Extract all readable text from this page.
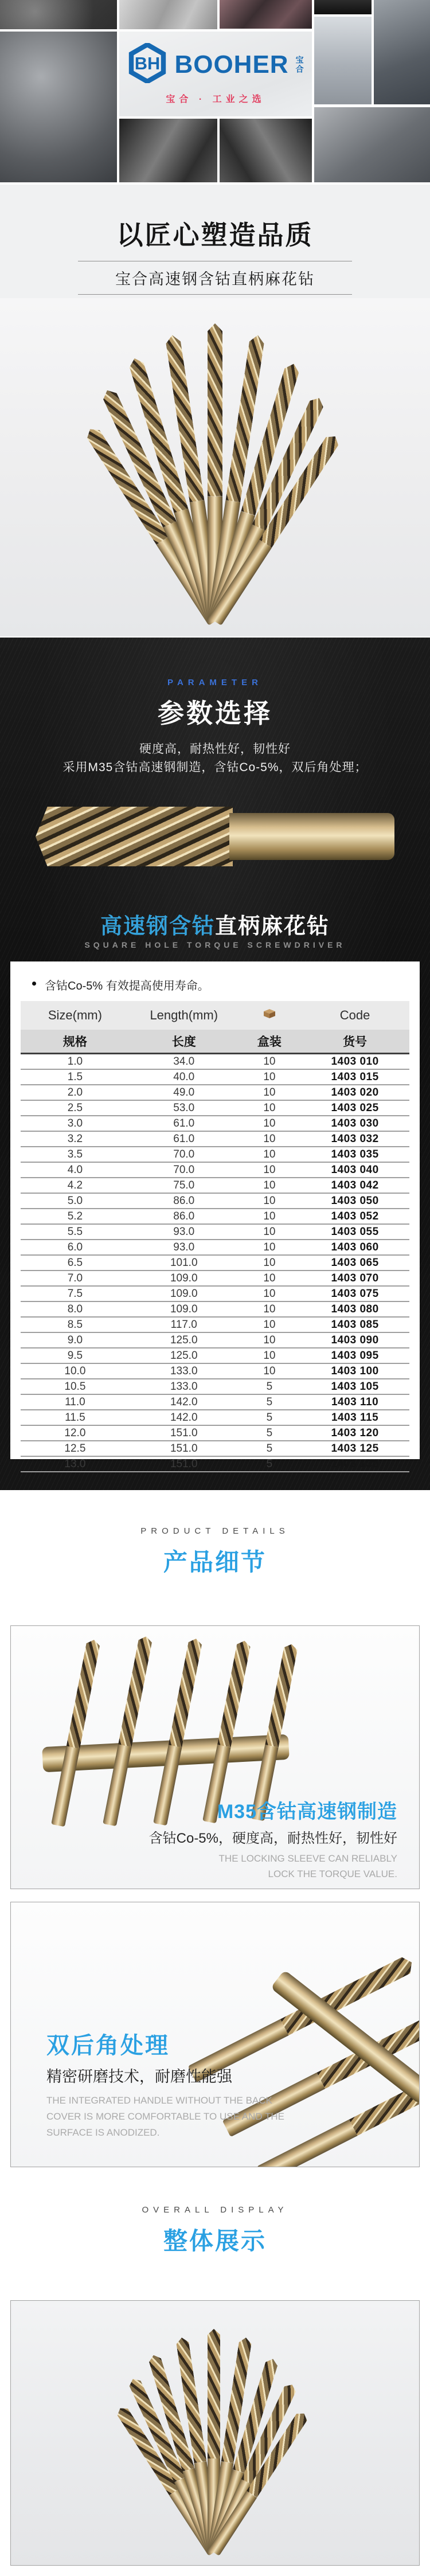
BH BOOHER 宝合
宝合 · 工业之选
以匠心塑造品质
宝合高速钢含钴直柄麻花钻
PARAMETER
参数选择
硬度高，耐热性好，韧性好
采用M35含钴高速钢制造，含钴Co-5%，双后角处理；
高速钢含钴直柄麻花钻
SQUARE HOLE TORQUE SCREWDRIVER
含钴Co-5% 有效提高使用寿命。
Size(mm)	Length(mm)		Code
规格	长度	盒装	货号
1.0	34.0	10	1403 010
1.5	40.0	10	1403 015
2.0	49.0	10	1403 020
2.5	53.0	10	1403 025
3.0	61.0	10	1403 030
3.2	61.0	10	1403 032
3.5	70.0	10	1403 035
4.0	70.0	10	1403 040
4.2	75.0	10	1403 042
5.0	86.0	10	1403 050
5.2	86.0	10	1403 052
5.5	93.0	10	1403 055
6.0	93.0	10	1403 060
6.5	101.0	10	1403 065
7.0	109.0	10	1403 070
7.5	109.0	10	1403 075
8.0	109.0	10	1403 080
8.5	117.0	10	1403 085
9.0	125.0	10	1403 090
9.5	125.0	10	1403 095
10.0	133.0	10	1403 100
10.5	133.0	5	1403 105
11.0	142.0	5	1403 110
11.5	142.0	5	1403 115
12.0	151.0	5	1403 120
12.5	151.0	5	1403 125
13.0	151.0	5	1403 130
PRODUCT DETAILS
产品细节
M35含钴高速钢制造
含钴Co-5%，硬度高，耐热性好，韧性好
THE LOCKING SLEEVE CAN RELIABLY
LOCK THE TORQUE VALUE.
双后角处理
精密研磨技术，耐磨性能强
THE INTEGRATED HANDLE WITHOUT THE BACK
COVER IS MORE COMFORTABLE TO USE AND THE
SURFACE IS ANODIZED.
OVERALL DISPLAY
整体展示
